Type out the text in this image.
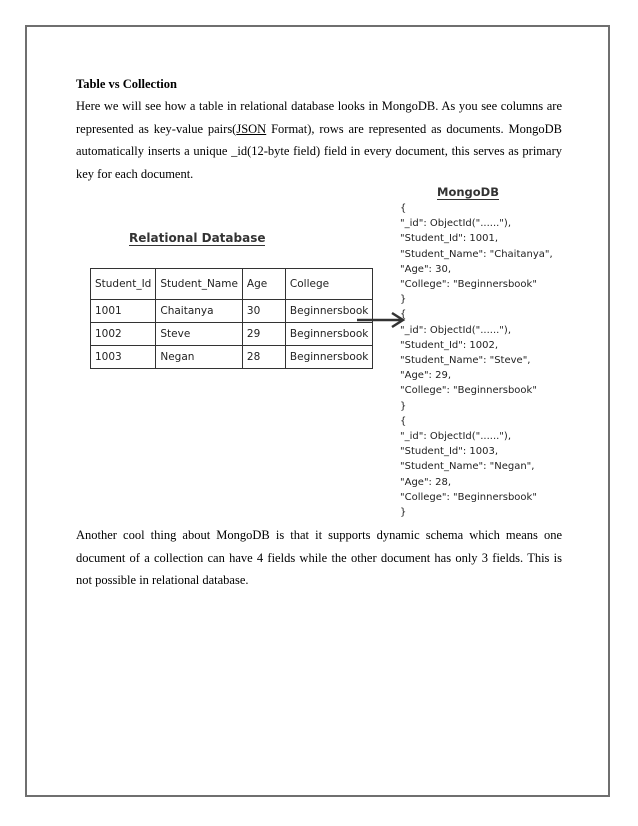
Table vs Collection
Here we will see how a table in relational database looks in MongoDB. As you see columns are represented as key-value pairs(JSON Format), rows are represented as documents. MongoDB automatically inserts a unique _id(12-byte field) field in every document, this serves as primary key for each document.
Relational Database
Student_Id	Student_Name	Age	College
1001	Chaitanya	30	Beginnersbook
1002	Steve	29	Beginnersbook
1003	Negan	28	Beginnersbook
MongoDB
{
"_id": ObjectId("......"),
"Student_Id": 1001,
"Student_Name": "Chaitanya",
"Age": 30,
"College": "Beginnersbook"
}
{
"_id": ObjectId("......"),
"Student_Id": 1002,
"Student_Name": "Steve",
"Age": 29,
"College": "Beginnersbook"
}
{
"_id": ObjectId("......"),
"Student_Id": 1003,
"Student_Name": "Negan",
"Age": 28,
"College": "Beginnersbook"
}
Another cool thing about MongoDB is that it supports dynamic schema which means one document of a collection can have 4 fields while the other document has only 3 fields. This is not possible in relational database.
